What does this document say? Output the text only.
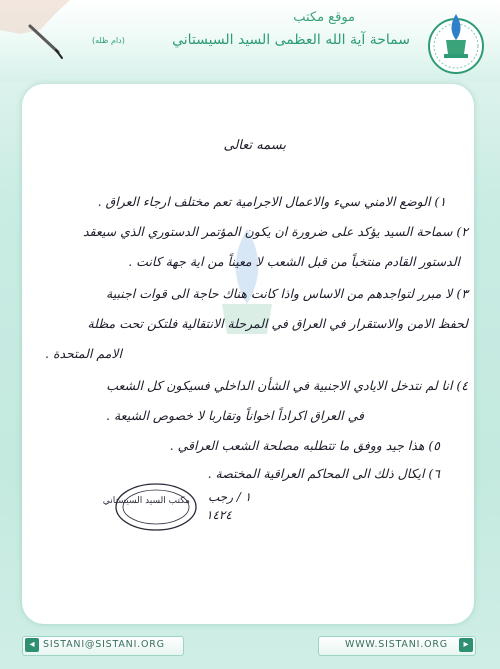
موقع مكتب
سماحة آية الله العظمى السيد السيستاني
(دام ظله)
بسمه تعالى
١) الوضع الامني سيء والاعمال الاجرامية تعم مختلف ارجاء العراق .
٢) سماحة السيد يؤكد على ضرورة ان يكون المؤتمر الدستوري الذي سيعقد
الدستور القادم منتخباً من قبل الشعب لا معيناً من اية جهة كانت .
٣) لا مبرر لتواجدهم من الاساس واذا كانت هناك حاجة الى قوات اجنبية
لحفظ الامن والاستقرار في العراق في المرحلة الانتقالية فلتكن تحت مظلة
الامم المتحدة .
٤) انا لم نتدخل الايادي الاجنبية في الشأن الداخلي فسيكون كل الشعب
في العراق اكراداً اخواناً وتقاربا لا خصوص الشيعة .
٥) هذا جيد ووفق ما تتطلبه مصلحة الشعب العراقي .
٦) ايكال ذلك الى المحاكم العراقية المختصة .
مكتب السيد السيستاني ١ / رجب
١٤٢٤
◂ SISTANI@SISTANI.ORG	WWW.SISTANI.ORG	▸
